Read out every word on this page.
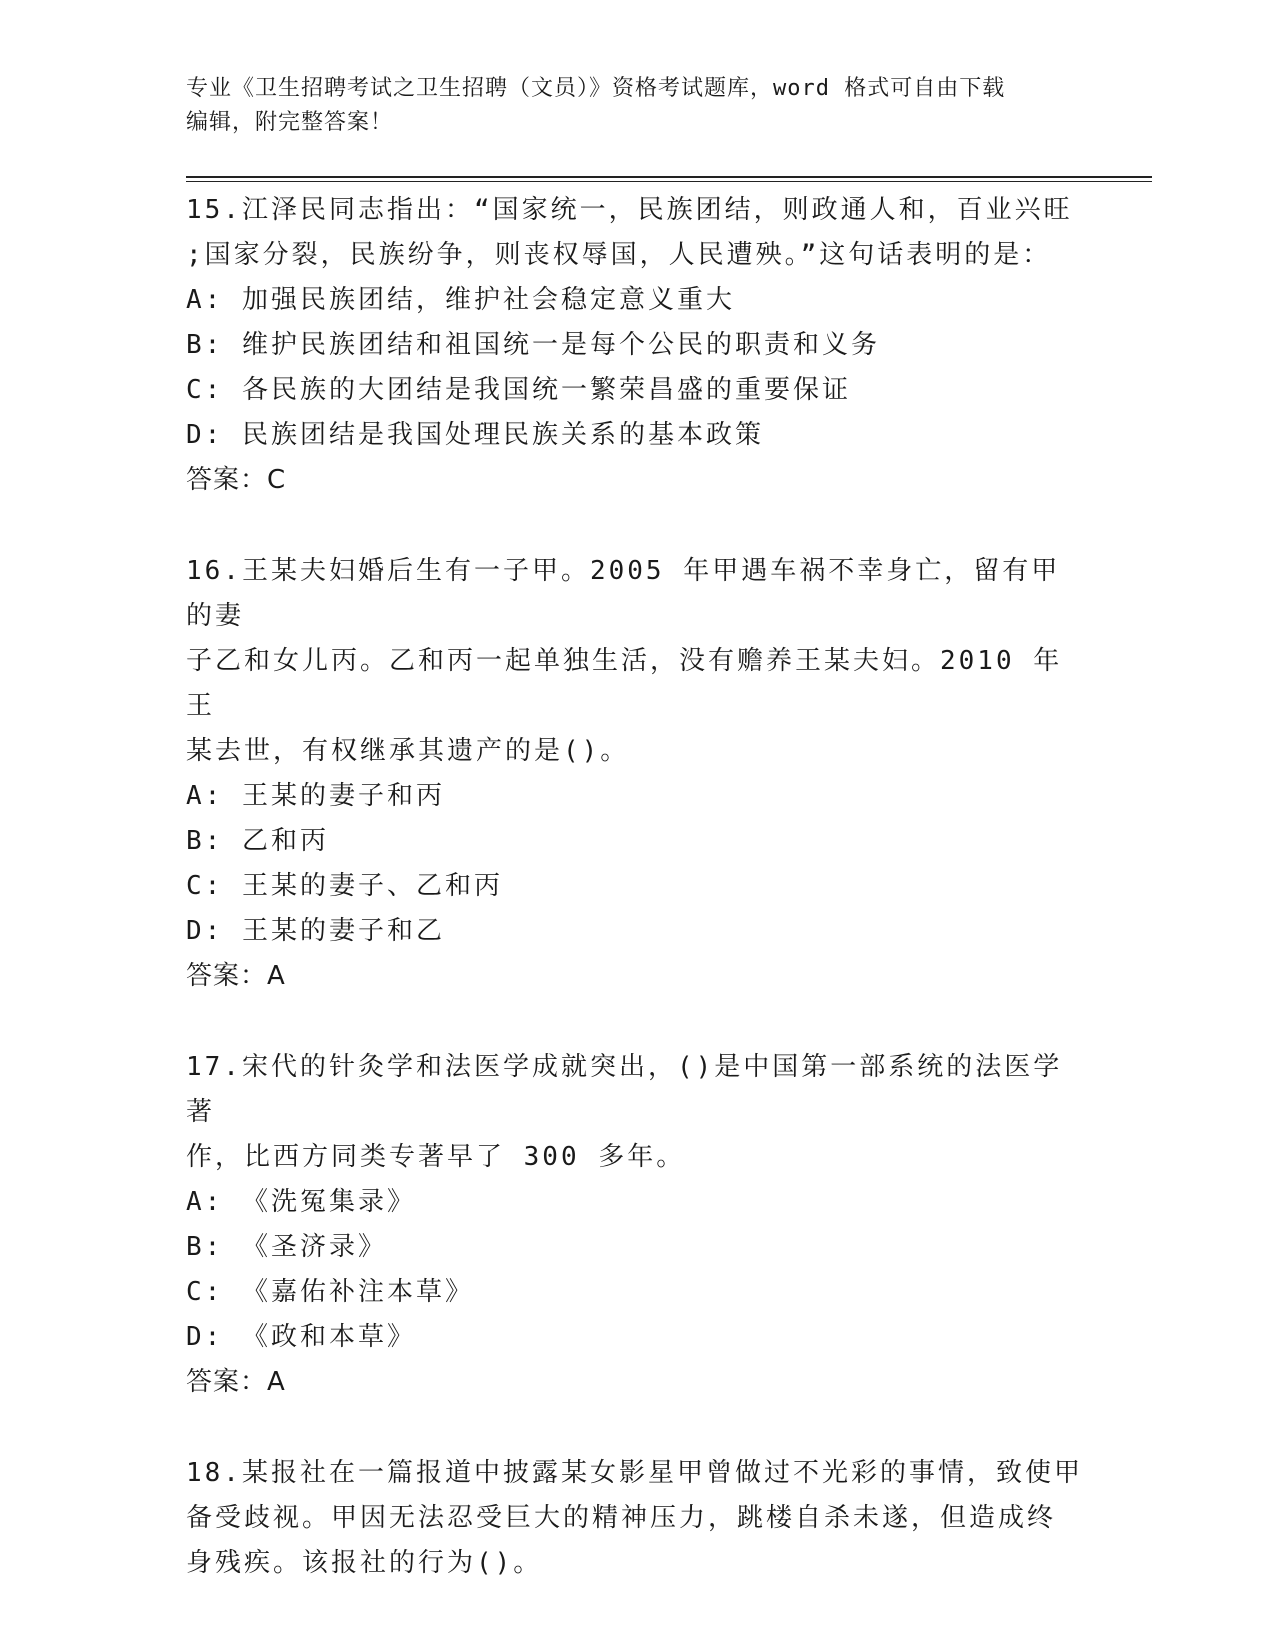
专业《卫生招聘考试之卫生招聘（文员）》资格考试题库，word 格式可自由下载
编辑，附完整答案！
15.江泽民同志指出：“国家统一，民族团结，则政通人和，百业兴旺
;国家分裂，民族纷争，则丧权辱国，人民遭殃。”这句话表明的是：
A: 加强民族团结，维护社会稳定意义重大
B: 维护民族团结和祖国统一是每个公民的职责和义务
C: 各民族的大团结是我国统一繁荣昌盛的重要保证
D: 民族团结是我国处理民族关系的基本政策
答案：C
16.王某夫妇婚后生有一子甲。2005 年甲遇车祸不幸身亡，留有甲的妻
子乙和女儿丙。乙和丙一起单独生活，没有赡养王某夫妇。2010 年王
某去世，有权继承其遗产的是()。
A: 王某的妻子和丙
B: 乙和丙
C: 王某的妻子、乙和丙
D: 王某的妻子和乙
答案：A
17.宋代的针灸学和法医学成就突出，()是中国第一部系统的法医学著
作，比西方同类专著早了 300 多年。
A: 《洗冤集录》
B: 《圣济录》
C: 《嘉佑补注本草》
D: 《政和本草》
答案：A
18.某报社在一篇报道中披露某女影星甲曾做过不光彩的事情，致使甲
备受歧视。甲因无法忍受巨大的精神压力，跳楼自杀未遂，但造成终
身残疾。该报社的行为()。
